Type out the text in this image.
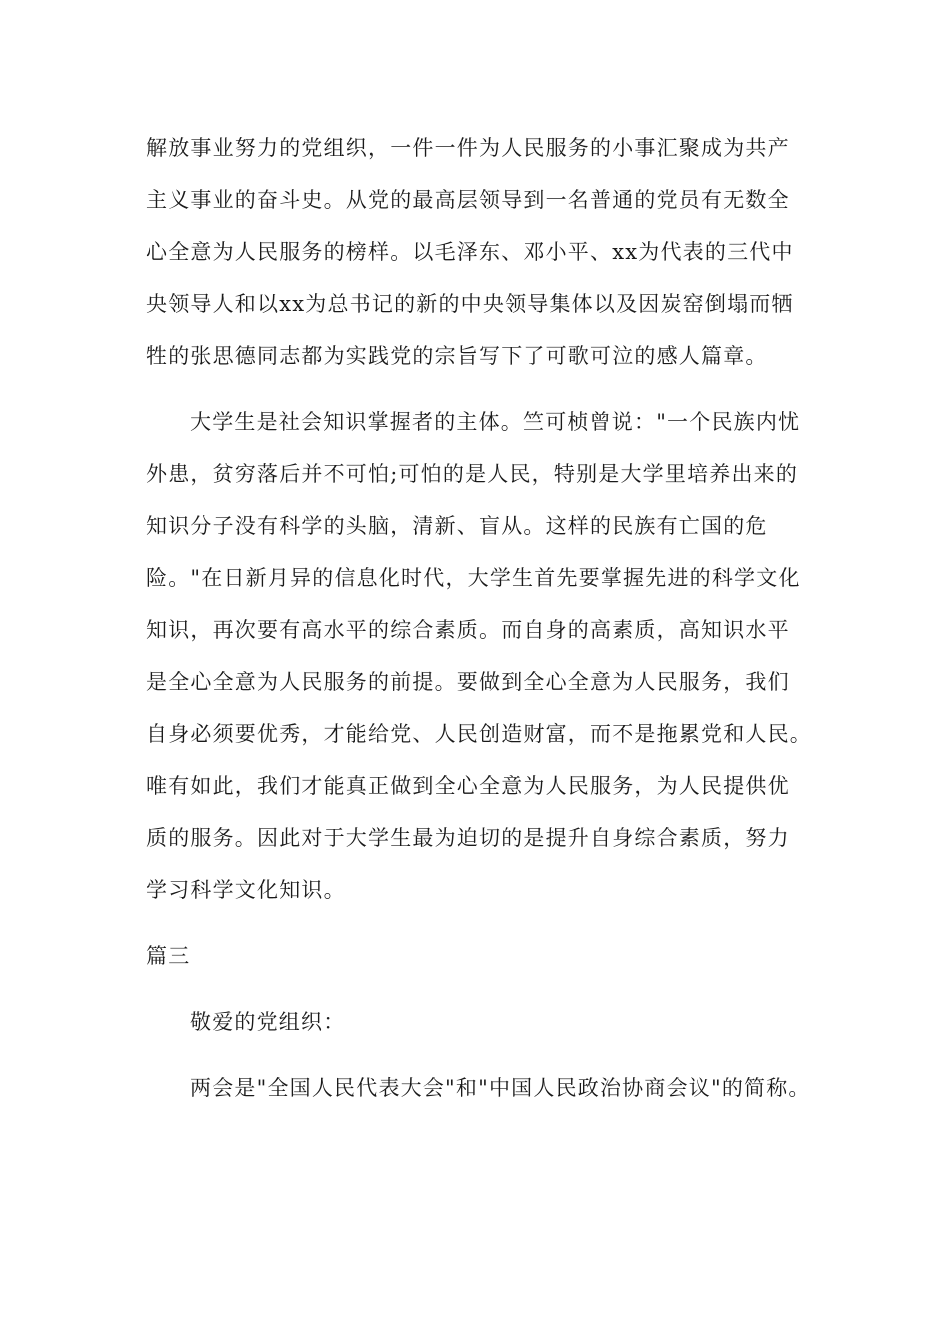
解放事业努力的党组织，一件一件为人民服务的小事汇聚成为共产
主义事业的奋斗史。从党的最高层领导到一名普通的党员有无数全
心全意为人民服务的榜样。以毛泽东、邓小平、xx为代表的三代中
央领导人和以xx为总书记的新的中央领导集体以及因炭窑倒塌而牺
牲的张思德同志都为实践党的宗旨写下了可歌可泣的感人篇章。
大学生是社会知识掌握者的主体。竺可桢曾说："一个民族内忧
外患，贫穷落后并不可怕;可怕的是人民，特别是大学里培养出来的
知识分子没有科学的头脑，清新、盲从。这样的民族有亡国的危
险。"在日新月异的信息化时代，大学生首先要掌握先进的科学文化
知识，再次要有高水平的综合素质。而自身的高素质，高知识水平
是全心全意为人民服务的前提。要做到全心全意为人民服务，我们
自身必须要优秀，才能给党、人民创造财富，而不是拖累党和人民。
唯有如此，我们才能真正做到全心全意为人民服务，为人民提供优
质的服务。因此对于大学生最为迫切的是提升自身综合素质，努力
学习科学文化知识。
篇三
敬爱的党组织：
两会是"全国人民代表大会"和"中国人民政治协商会议"的简称。
